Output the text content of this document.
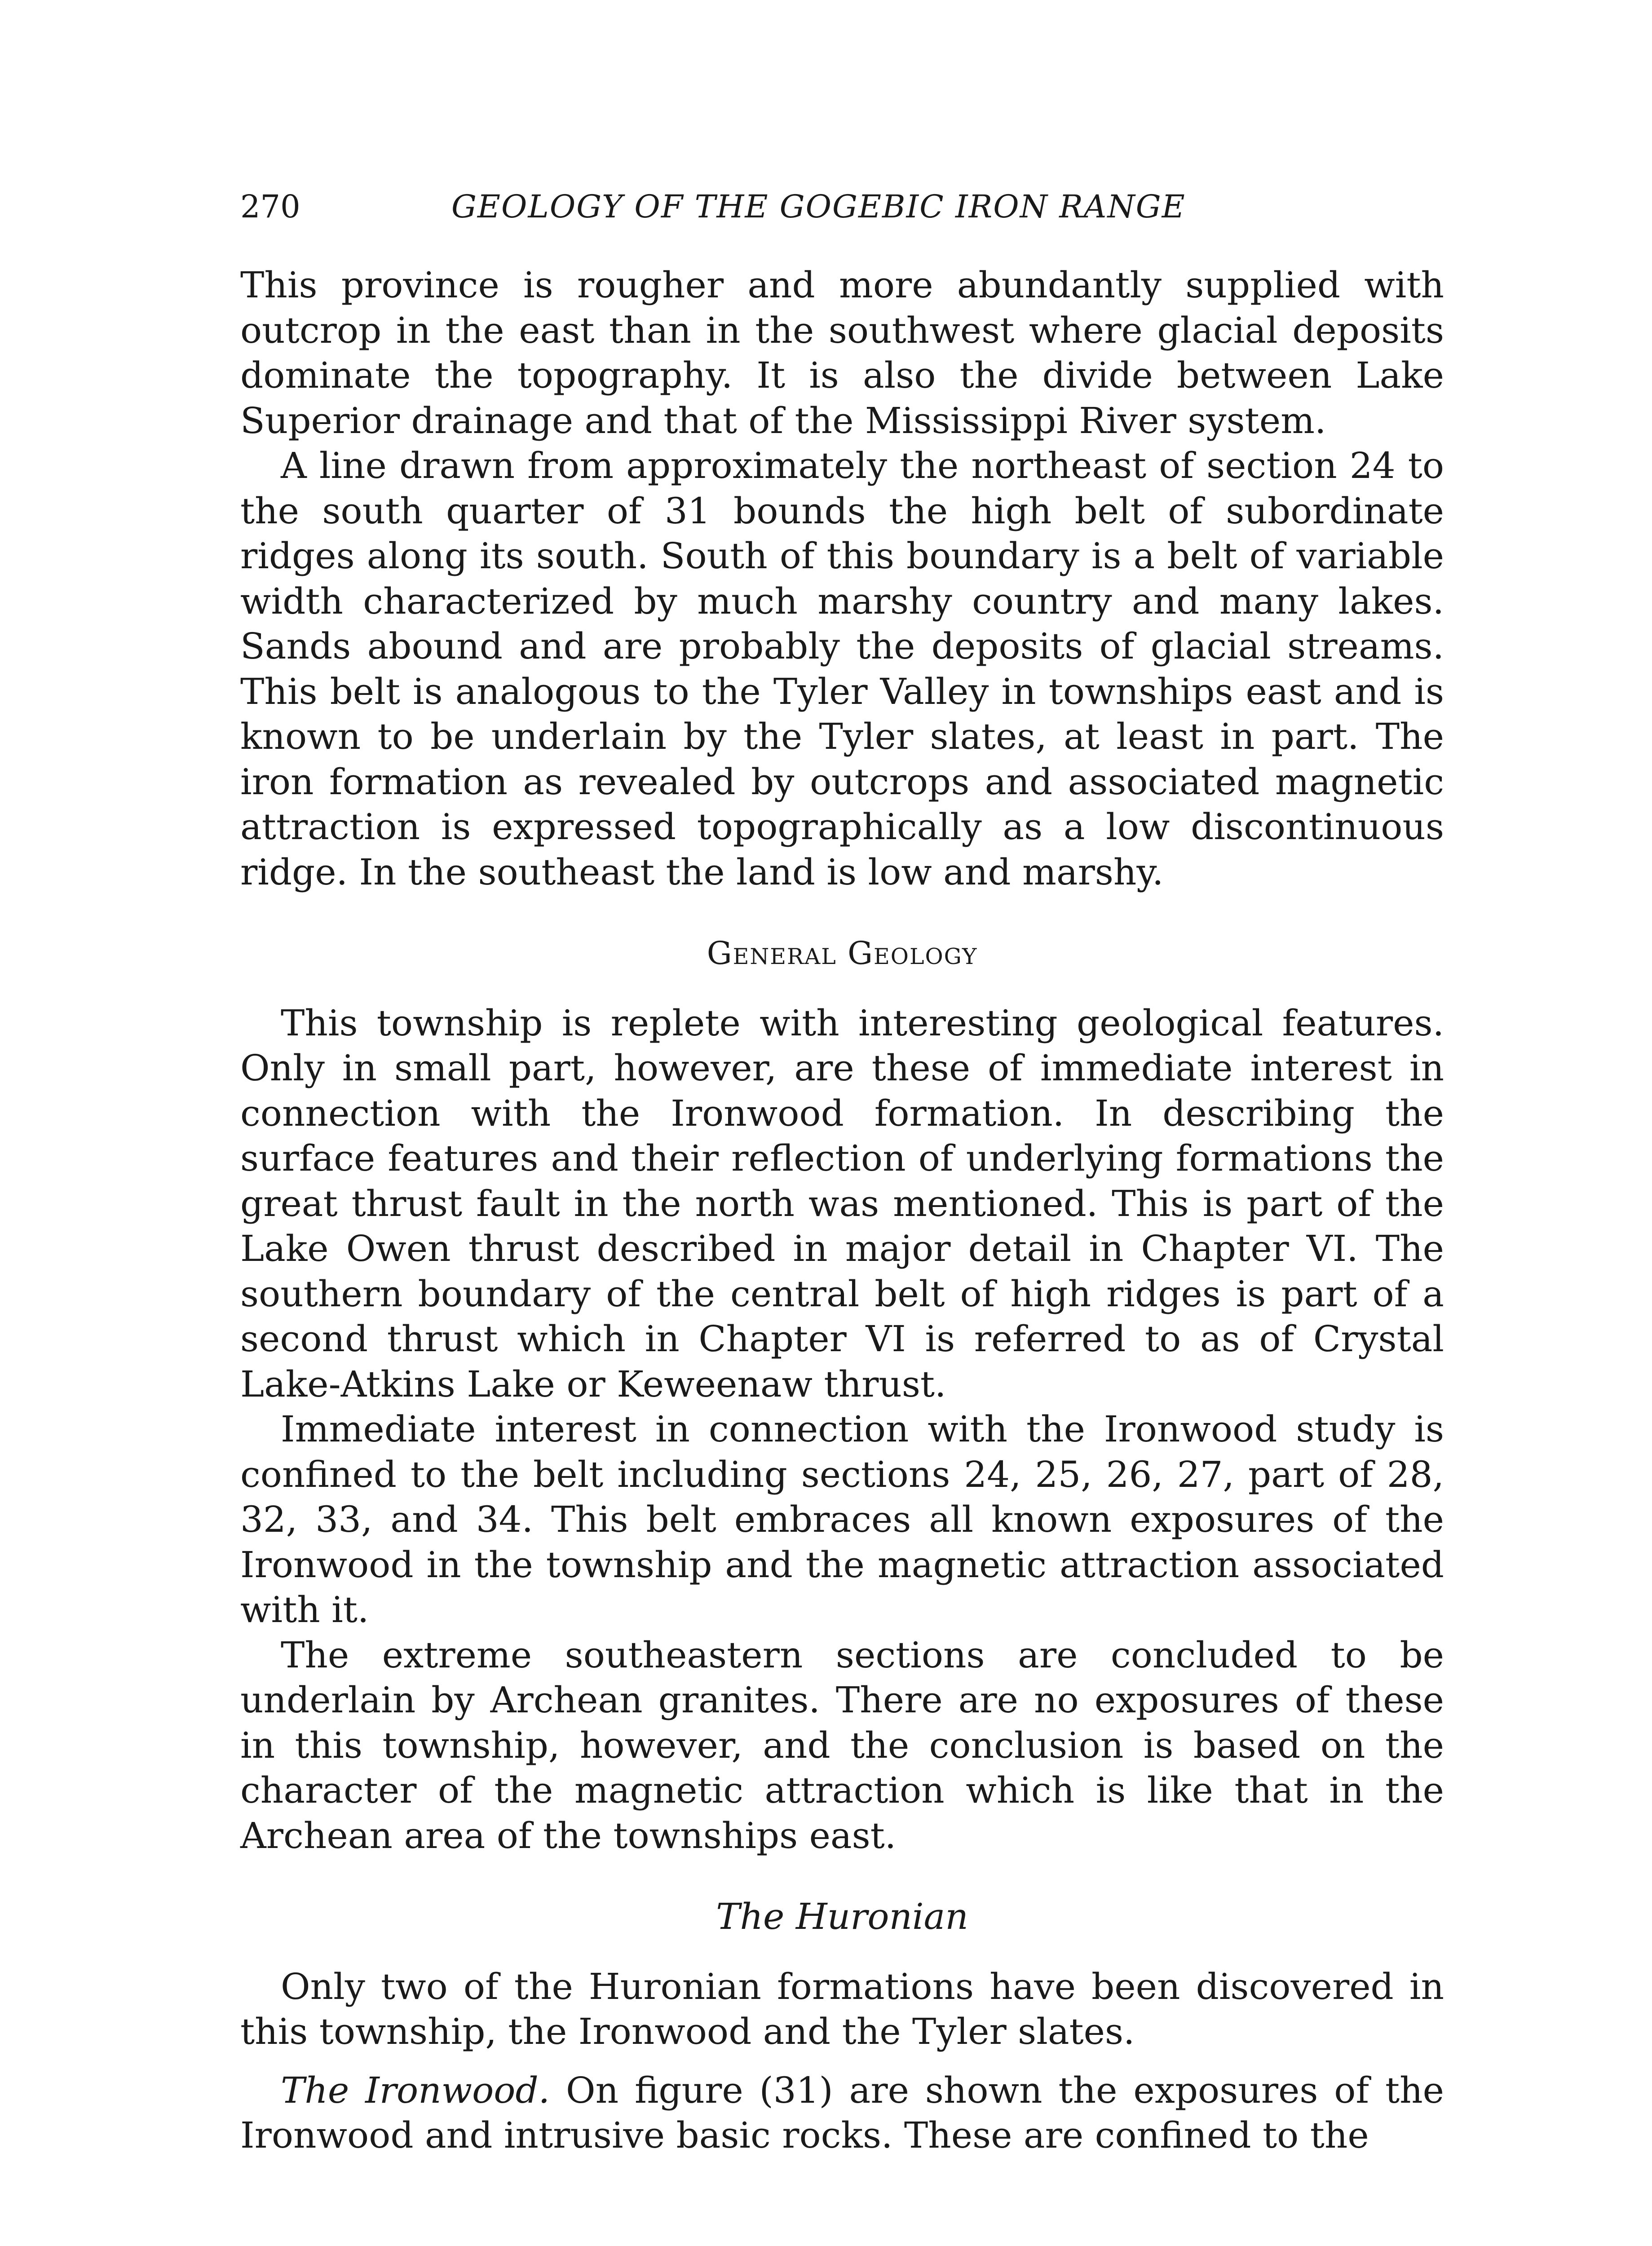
270	GEOLOGY OF THE GOGEBIC IRON RANGE

This province is rougher and more abundantly supplied with outcrop in the east than in the southwest where glacial deposits dominate the topography. It is also the divide between Lake Superior drainage and that of the Mississippi River system.

A line drawn from approximately the northeast of section 24 to the south quarter of 31 bounds the high belt of subordinate ridges along its south. South of this boundary is a belt of variable width characterized by much marshy country and many lakes. Sands abound and are probably the deposits of glacial streams. This belt is analogous to the Tyler Valley in townships east and is known to be underlain by the Tyler slates, at least in part. The iron formation as revealed by outcrops and associated magnetic attraction is expressed topographically as a low discontinuous ridge. In the southeast the land is low and marshy.

General Geology

This township is replete with interesting geological features. Only in small part, however, are these of immediate interest in connection with the Ironwood formation. In describing the surface features and their reflection of underlying formations the great thrust fault in the north was mentioned. This is part of the Lake Owen thrust described in major detail in Chapter VI. The southern boundary of the central belt of high ridges is part of a second thrust which in Chapter VI is referred to as of Crystal Lake-Atkins Lake or Keweenaw thrust.

Immediate interest in connection with the Ironwood study is confined to the belt including sections 24, 25, 26, 27, part of 28, 32, 33, and 34. This belt embraces all known exposures of the Ironwood in the township and the magnetic attraction associated with it.

The extreme southeastern sections are concluded to be underlain by Archean granites. There are no exposures of these in this township, however, and the conclusion is based on the character of the magnetic attraction which is like that in the Archean area of the townships east.

The Huronian

Only two of the Huronian formations have been discovered in this township, the Ironwood and the Tyler slates.

The Ironwood. On figure (31) are shown the exposures of the Ironwood and intrusive basic rocks. These are confined to the
